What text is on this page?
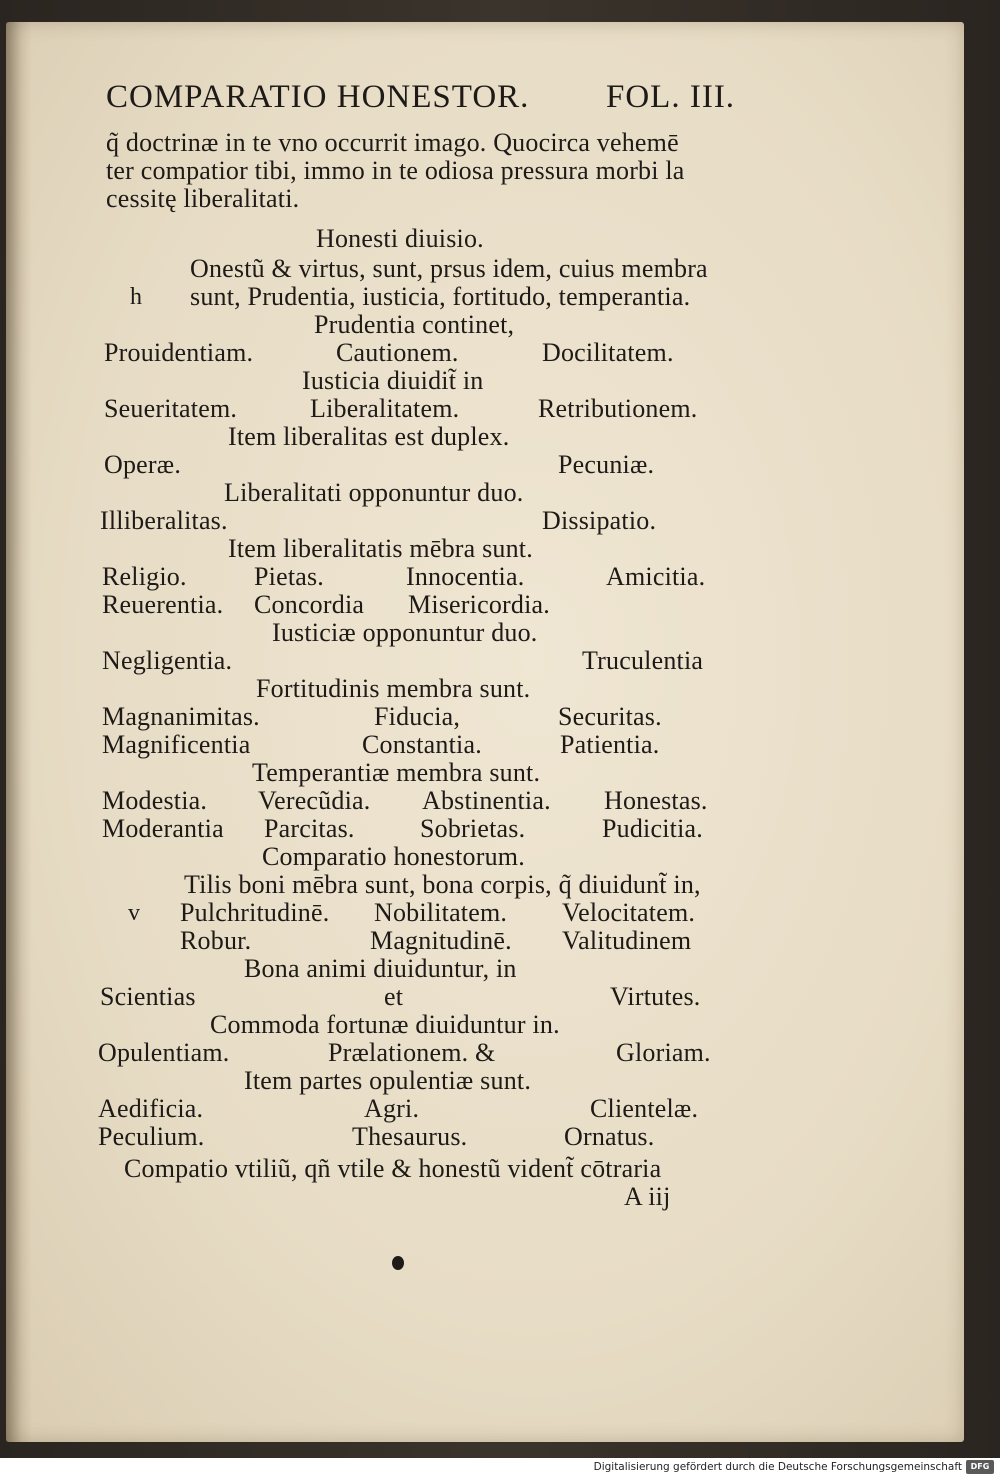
COMPARATIO HONESTOR. FOL. III.
q̃ doctrinæ in te vno occurrit imago. Quocirca vehemē
ter compatior tibi, immo in te odiosa pressura morbi la
cessitę liberalitati.
Honesti diuisio.
Onestũ & virtus, sunt, prsus idem, cuius membra
h sunt, Prudentia, iusticia, fortitudo, temperantia.
Prudentia continet,
Prouidentiam.	Cautionem.	Docilitatem.
Iusticia diuidit̃ in
Seueritatem.	Liberalitatem.	Retributionem.
Item liberalitas est duplex.
Operæ.	Pecuniæ.
Liberalitati opponuntur duo.
Illiberalitas.	Dissipatio.
Item liberalitatis mēbra sunt.
Religio.	Pietas.	Innocentia.	Amicitia.
Reuerentia. Concordia Misericordia.
Iusticiæ opponuntur duo.
Negligentia.	Truculentia
Fortitudinis membra sunt.
Magnanimitas.	Fiducia,	Securitas.
Magnificentia	Constantia.	Patientia.
Temperantiæ membra sunt.
Modestia. Verecũdia. Abstinentia. Honestas.
Moderantia Parcitas.	Sobrietas.	Pudicitia.
Comparatio honestorum.
Tilis boni mēbra sunt, bona corpis, q̃ diuidunt̃ in,
v Pulchritudinē. Nobilitatem. Velocitatem.
Robur.	Magnitudinē. Valitudinem
Bona animi diuiduntur, in
Scientias	et	Virtutes.
Commoda fortunæ diuiduntur in.
Opulentiam.	Prælationem. &	Gloriam.
Item partes opulentiæ sunt.
Aedificia.	Agri.	Clientelæ.
Peculium.	Thesaurus.	Ornatus.
Compatio vtiliũ, qñ vtile & honestũ vident̃ cōtraria
A iij
Digitalisierung gefördert durch die Deutsche Forschungsgemeinschaft	DFG
